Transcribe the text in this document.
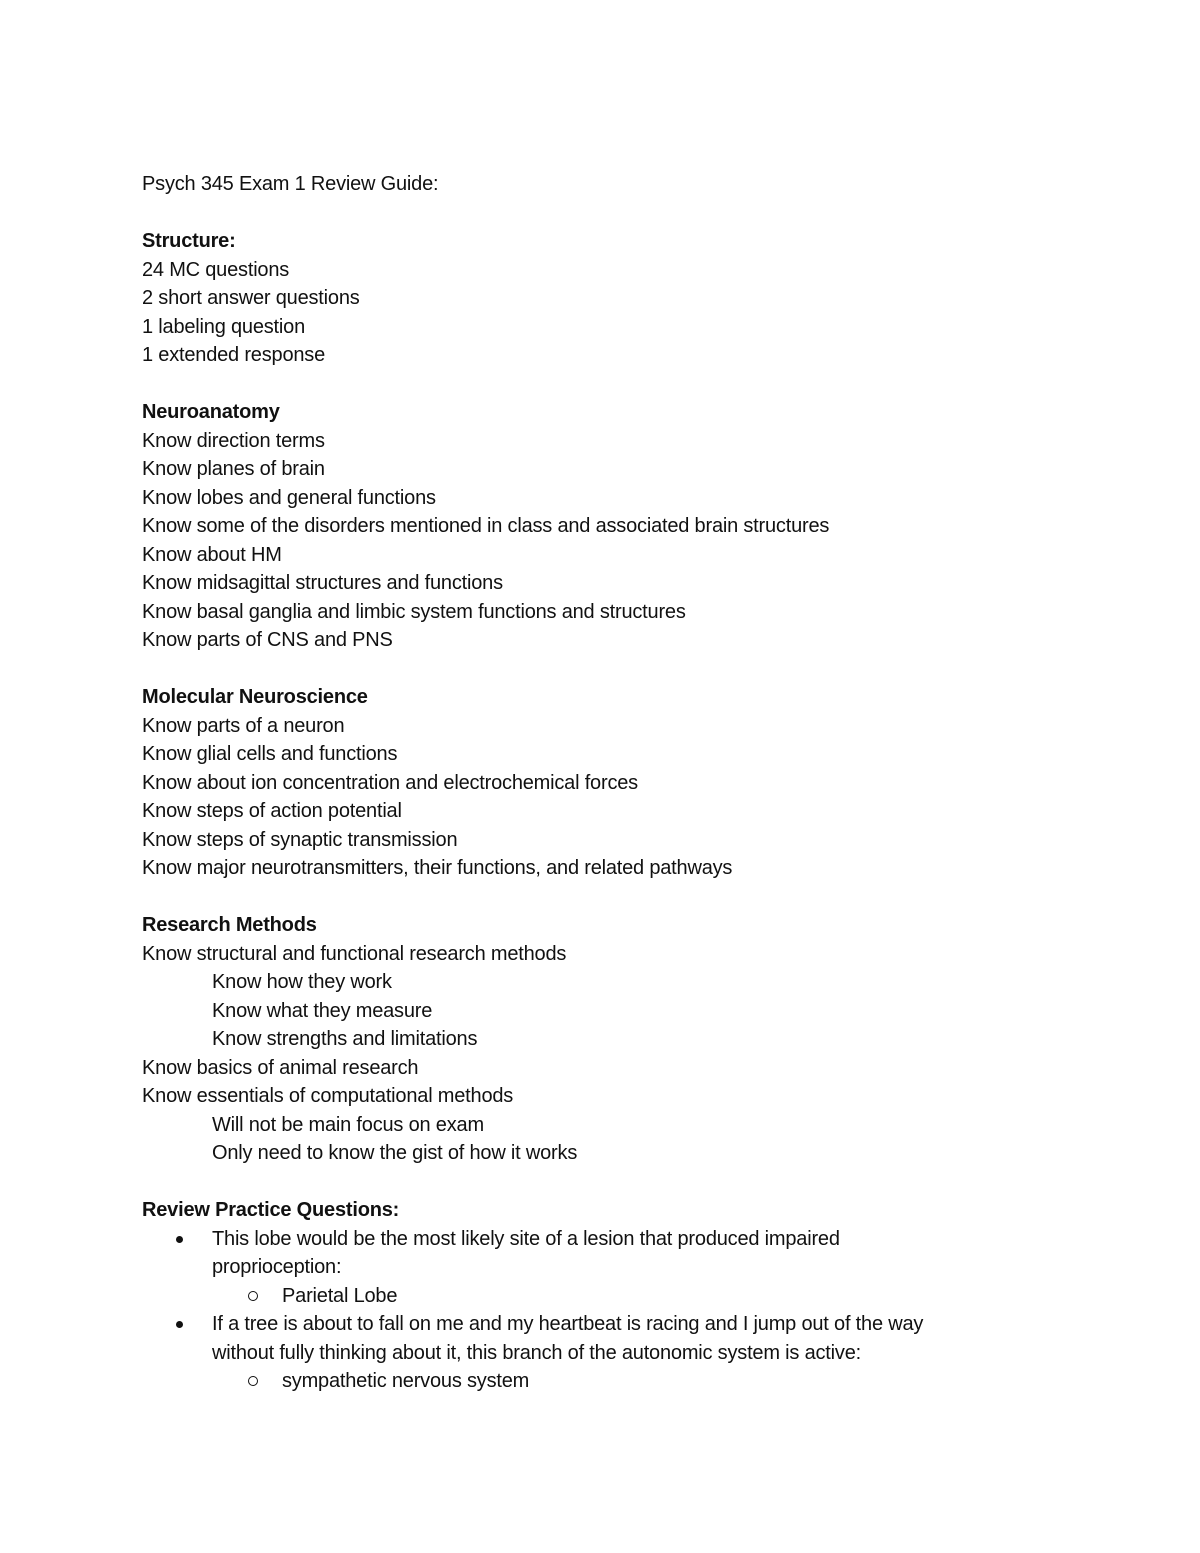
Psych 345 Exam 1 Review Guide:
Structure:
24 MC questions
2 short answer questions
1 labeling question
1 extended response
Neuroanatomy
Know direction terms
Know planes of brain
Know lobes and general functions
Know some of the disorders mentioned in class and associated brain structures
Know about HM
Know midsagittal structures and functions
Know basal ganglia and limbic system functions and structures
Know parts of CNS and PNS
Molecular Neuroscience
Know parts of a neuron
Know glial cells and functions
Know about ion concentration and electrochemical forces
Know steps of action potential
Know steps of synaptic transmission
Know major neurotransmitters, their functions, and related pathways
Research Methods
Know structural and functional research methods
Know how they work
Know what they measure
Know strengths and limitations
Know basics of animal research
Know essentials of computational methods
Will not be main focus on exam
Only need to know the gist of how it works
Review Practice Questions:
This lobe would be the most likely site of a lesion that produced impaired
proprioception:
Parietal Lobe
If a tree is about to fall on me and my heartbeat is racing and I jump out of the way
without fully thinking about it, this branch of the autonomic system is active:
sympathetic nervous system
